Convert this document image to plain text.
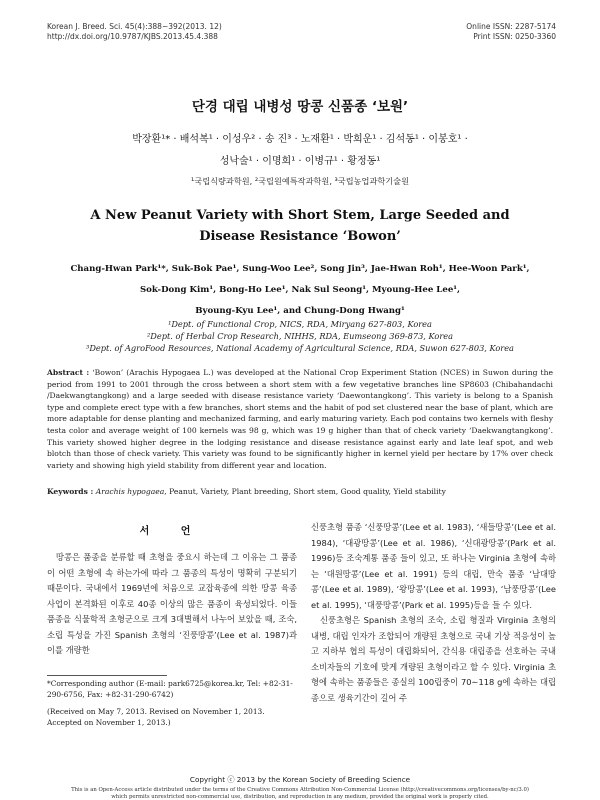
Korean J. Breed. Sci. 45(4):388~392(2013. 12)
http://dx.doi.org/10.9787/KJBS.2013.45.4.388
Online ISSN: 2287-5174
Print ISSN: 0250-3360
단경 대립 내병성 땅콩 신품종 ‘보원’
박장환¹* · 배석복¹ · 이성우² · 송 진³ · 노재환¹ · 박희운¹ · 김석동¹ · 이봉호¹ ·
성낙술¹ · 이명희¹ · 이병규¹ · 황정동¹
¹국립식량과학원, ²국립원예특작과학원, ³국립농업과학기술원
A New Peanut Variety with Short Stem, Large Seeded and
Disease Resistance ‘Bowon’
Chang-Hwan Park¹*, Suk-Bok Pae¹, Sung-Woo Lee², Song Jin³, Jae-Hwan Roh¹, Hee-Woon Park¹,
Sok-Dong Kim¹, Bong-Ho Lee¹, Nak Sul Seong¹, Myoung-Hee Lee¹,
Byoung-Kyu Lee¹, and Chung-Dong Hwang¹
¹Dept. of Functional Crop, NICS, RDA, Miryang 627-803, Korea
²Dept. of Herbal Crop Research, NIHHS, RDA, Eumseong 369-873, Korea
³Dept. of AgroFood Resources, National Academy of Agricultural Science, RDA, Suwon 627-803, Korea
Abstract : ‘Bowon’ (Arachis Hypogaea L.) was developed at the National Crop Experiment Station (NCES) in Suwon during the period from 1991 to 2001 through the cross between a short stem with a few vegetative branches line SP8603 (Chibahandachi /Daekwangtangkong) and a large seeded with disease resistance variety ‘Daewontangkong’. This variety is belong to a Spanish type and complete erect type with a few branches, short stems and the habit of pod set clustered near the base of plant, which are more adaptable for dense planting and mechanized farming, and early maturing variety. Each pod contains two kernels with fleshy testa color and average weight of 100 kernels was 98 g, which was 19 g higher than that of check variety ‘Daekwangtangkong’. This variety showed higher degree in the lodging resistance and disease resistance against early and late leaf spot, and web blotch than those of check variety. This variety was found to be significantly higher in kernel yield per hectare by 17% over check variety and showing high yield stability from different year and location.
Keywords : Arachis hypogaea, Peanut, Variety, Plant breeding, Short stem, Good quality, Yield stability
서 언

땅콩은 품종을 분류할 때 초형을 중요시 하는데 그 이유는 그 품종이 어떤 초형에 속 하는가에 따라 그 품종의 특성이 명확히 구분되기 때문이다. 국내에서 1969년에 처음으로 교잡육종에 의한 땅콩 육종사업이 본격화된 이후로 40종 이상의 많은 품종이 육성되었다. 이들 품종을 식물학적 초형군으로 크게 3대별해서 나누어 보았을 때, 조숙, 소립 특성을 가진 Spanish 초형의 ‘진풍땅콩’(Lee et al. 1987)과 이를 개량한

신풍초형 품종 ‘신풍땅콩’(Lee et al. 1983), ‘새들땅콩’(Lee et al. 1984), ‘대광땅콩’(Lee et al. 1986), ‘신대광땅콩’(Park et al. 1996)등 조숙계통 품종 들이 있고, 또 하나는 Virginia 초형에 속하는 ‘대원땅콩’(Lee et al. 1991) 등의 대립, 만숙 품종 ‘남대땅콩’(Lee et al. 1989), ‘왕땅콩’(Lee et al. 1993), ‘남풍땅콩’(Lee et al. 1995), ‘대풍땅콩’(Park et al. 1995)등을 들 수 있다.

신풍초형은 Spanish 초형의 조숙, 소립 형질과 Virginia 초형의 내병, 대립 인자가 조합되어 개량된 초형으로 국내 기상 적응성이 높고 지하부 협의 특성이 대립화되어, 간식용 대립종을 선호하는 국내소비자들의 기호에 맞게 개량된 초형이라고 할 수 있다. Virginia 초형에 속하는 품종들은 종실의 100립중이 70∼118 g에 속하는 대립종으로 생육기간이 길어 주

*Corresponding author (E-mail: park6725@korea.kr, Tel: +82-31-290-6756, Fax: +82-31-290-6742)
(Received on May 7, 2013. Revised on November 1, 2013.
Accepted on November 1, 2013.)
Copyright ⓒ 2013 by the Korean Society of Breeding Science
This is an Open-Access article distributed under the terms of the Creative Commons Attribution Non-Commercial License (http://creativecommons.org/licenses/by-nc/3.0)
which permits unrestricted non-commercial use, distribution, and reproduction in any medium, provided the original work is properly cited.
